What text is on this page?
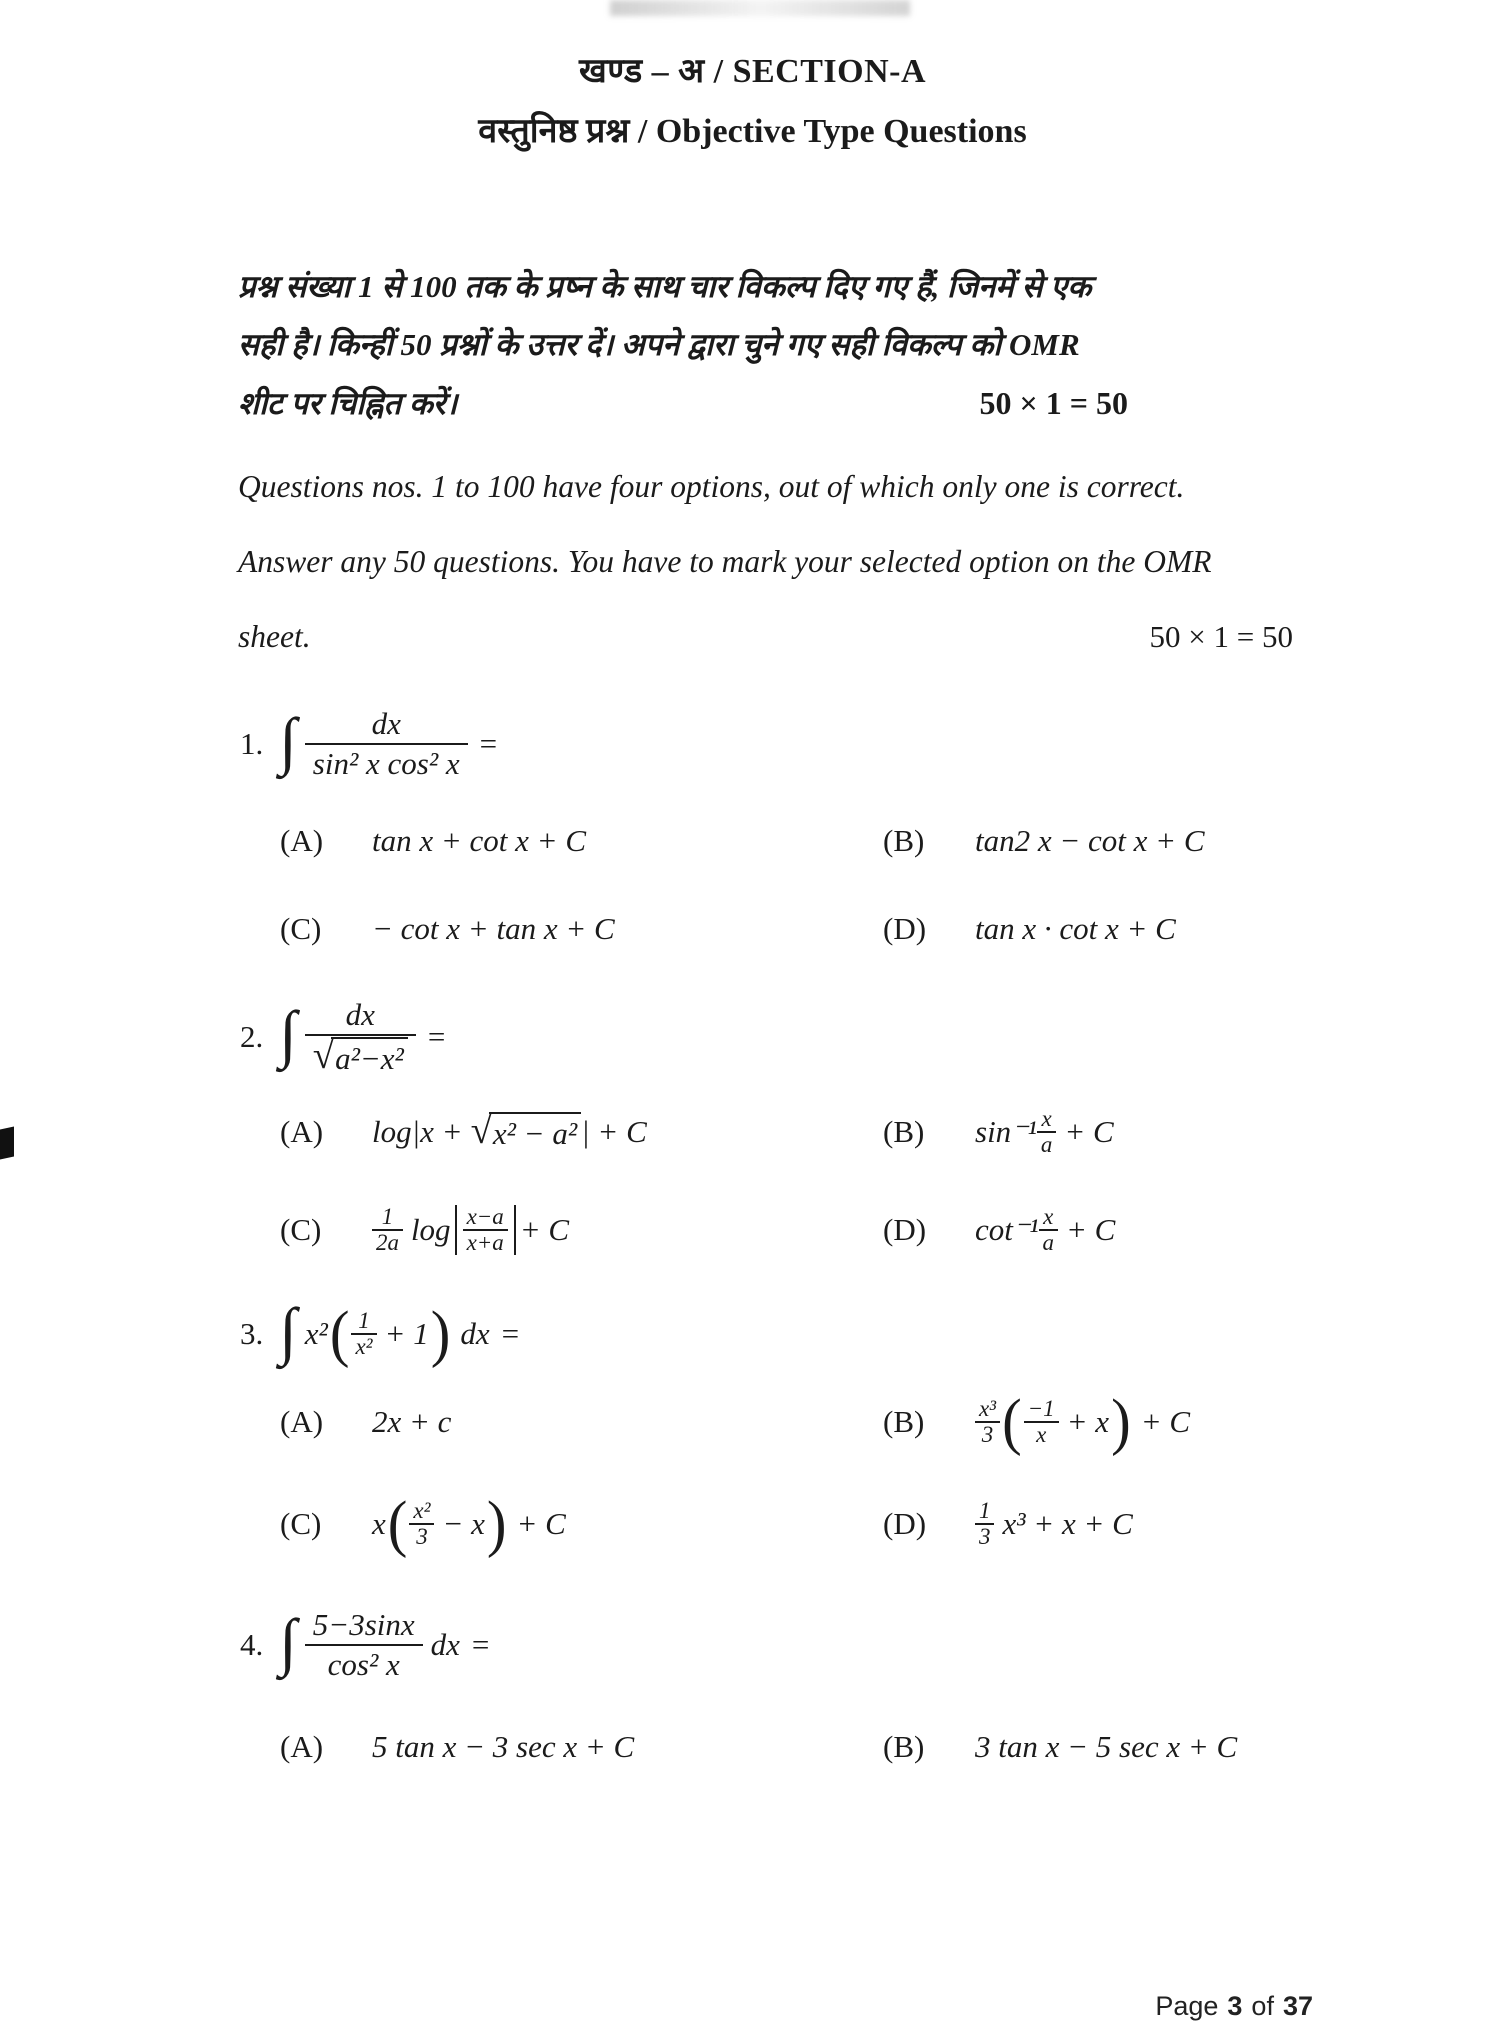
खण्ड – अ / SECTION-A
वस्तुनिष्ठ प्रश्न / Objective Type Questions
प्रश्न संख्या 1 से 100 तक के प्रष्न के साथ चार विकल्प दिए गए हैं, जिनमें से एक
सही है। किन्हीं 50 प्रश्नों के उत्तर दें। अपने द्वारा चुने गए सही विकल्प को OMR
शीट पर चिह्नित करें।	50 × 1 = 50
Questions nos. 1 to 100 have four options, out of which only one is correct.
Answer any 50 questions. You have to mark your selected option on the OMR
sheet.	50 × 1 = 50
1. ∫ $\frac{dx}{\text{sin² x cos² x}}$ =
(A)	tan x + cot x + C	(B)	tan2 x − cot x + C
(C)	− cot x + tan x + C	(D)	tan x · cot x + C
2. ∫ $\frac{dx}{\text{√ a²−x²}}$ =
(A)	log|x + √ x² − a² | + C	(B)	$\sin^{-1} \frac{x}{a} + C$
(C)	$\frac{1}{2a}$ $\log \frac{x-a}{x+a} + C$	(D)	$\cot^{-1} \frac{x}{a} + C$
3. ∫ x² ( $\frac{1}{\text{x²}} + 1$ ) dx =
(A)	2x + c	(B)	$\frac{\text{x³}}{3}$ ( $\frac{-1}{x} + x$ ) + C
(C)	x ( $\frac{\text{x²}}{3} - x$ ) + C	(D)	$\frac{1}{3} x^3 + x + C$
4. ∫ $\frac{5-3\sin x}{\text{cos² x}}$ dx =
(A)	5 tan x − 3 sec x + C	(B)	3 tan x − 5 sec x + C
Page 3 of 37
